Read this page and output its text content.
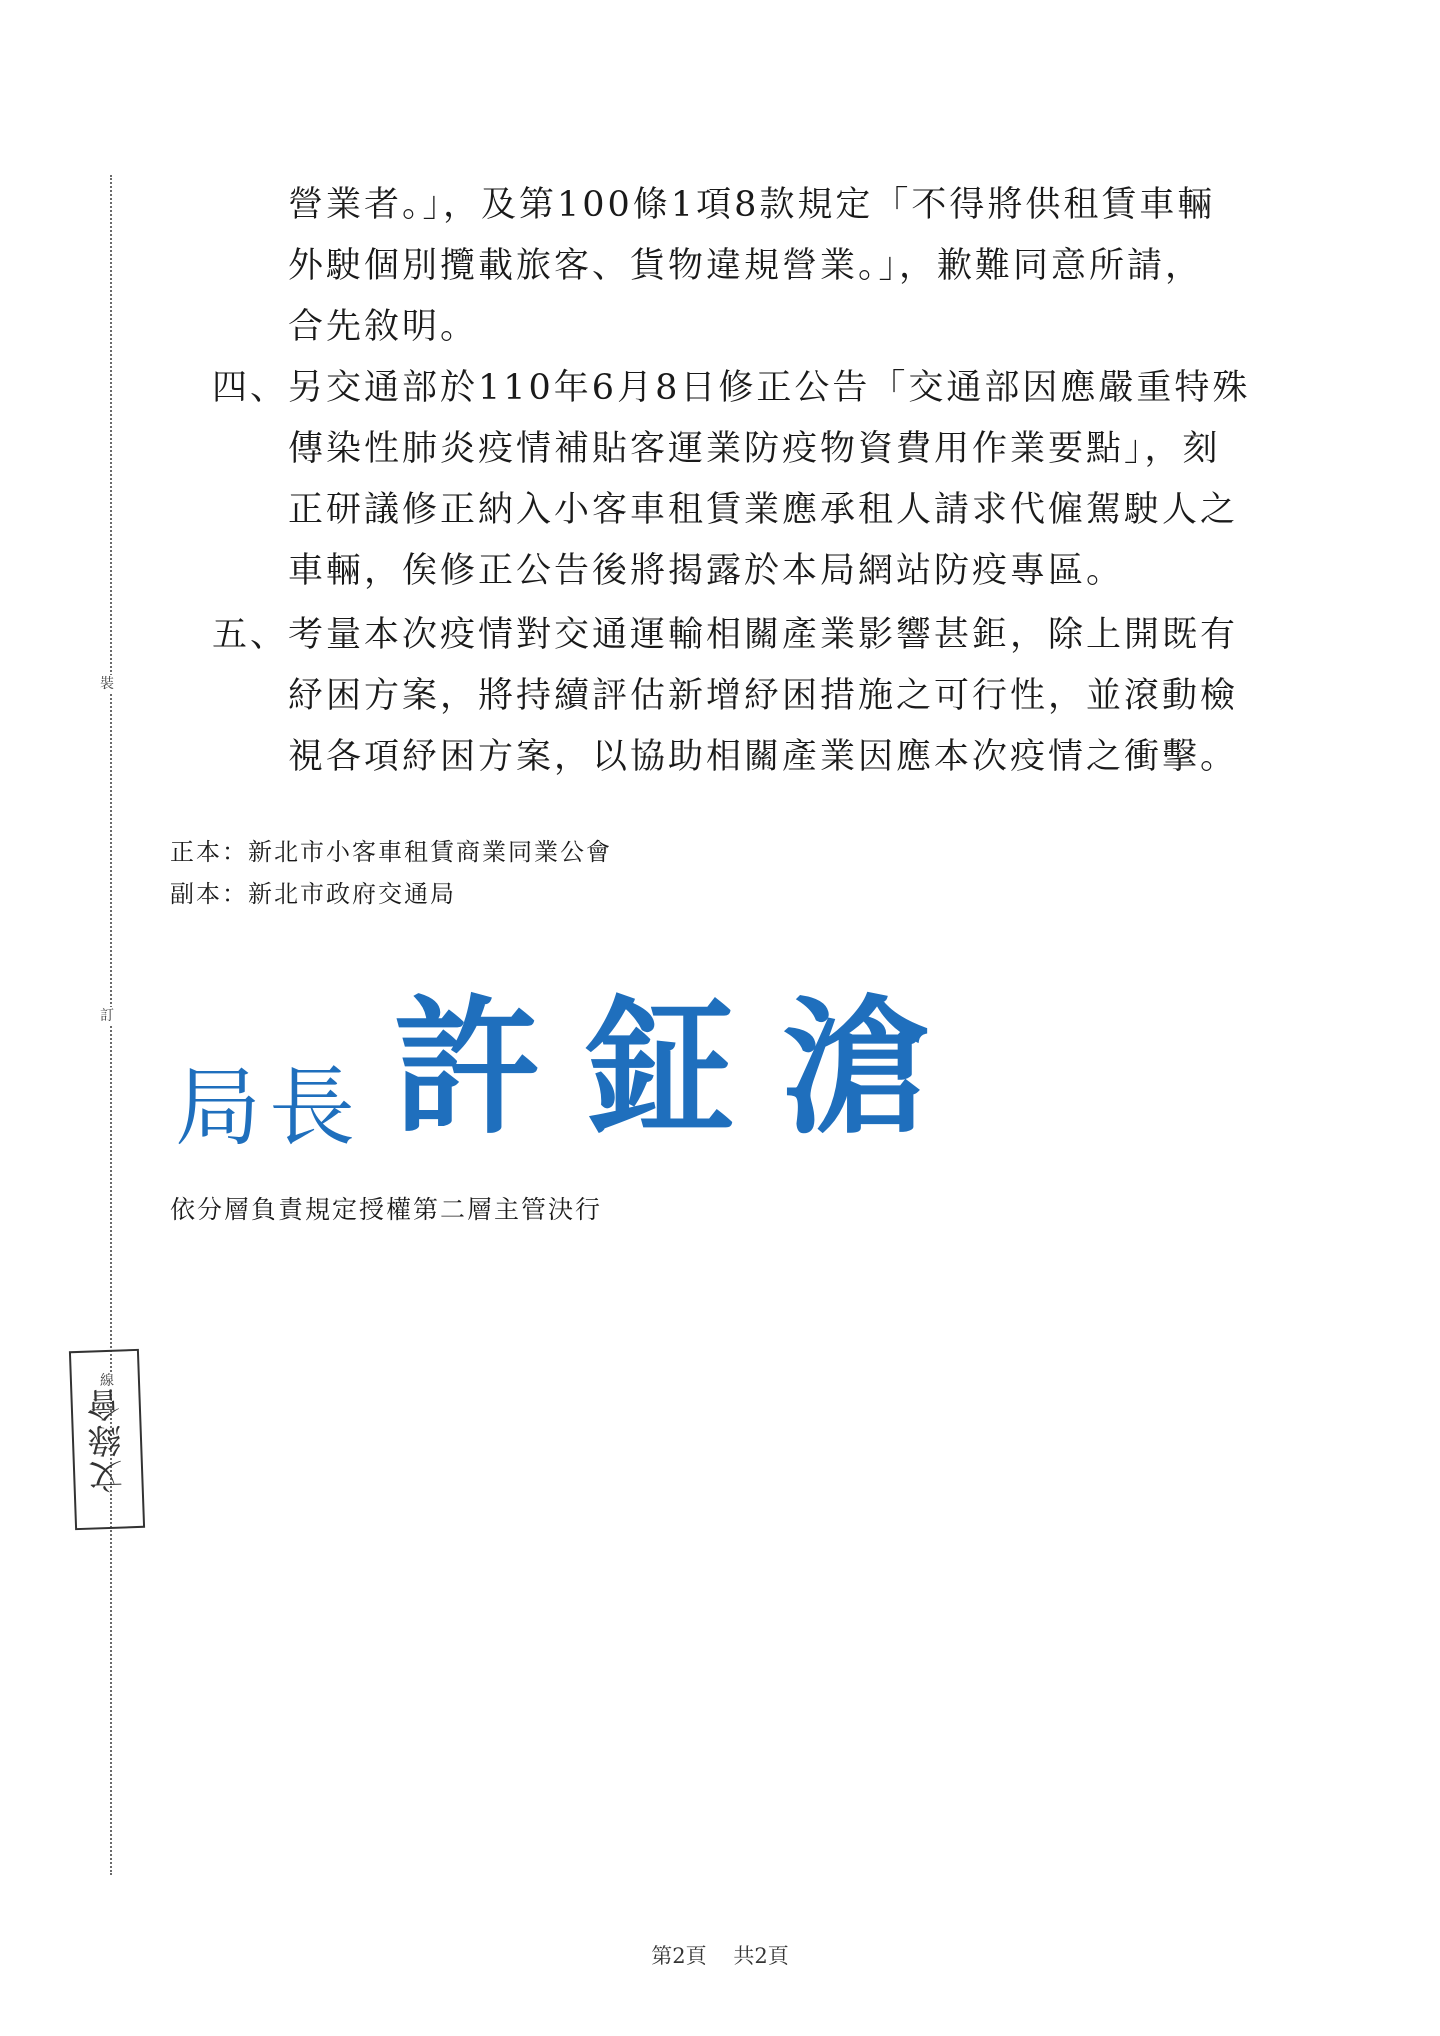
裝
訂
線
文綠會
營業者。」，及第100條1項8款規定「不得將供租賃車輛
外駛個別攬載旅客、貨物違規營業。」，歉難同意所請，
合先敘明。
四、另交通部於110年6月8日修正公告「交通部因應嚴重特殊
傳染性肺炎疫情補貼客運業防疫物資費用作業要點」，刻
正研議修正納入小客車租賃業應承租人請求代僱駕駛人之
車輛，俟修正公告後將揭露於本局網站防疫專區。
五、考量本次疫情對交通運輸相關產業影響甚鉅，除上開既有
紓困方案，將持續評估新增紓困措施之可行性，並滾動檢
視各項紓困方案，以協助相關產業因應本次疫情之衝擊。
正本：新北市小客車租賃商業同業公會
副本：新北市政府交通局
局長 許鉦滄
依分層負責規定授權第二層主管決行
第2頁 共2頁
